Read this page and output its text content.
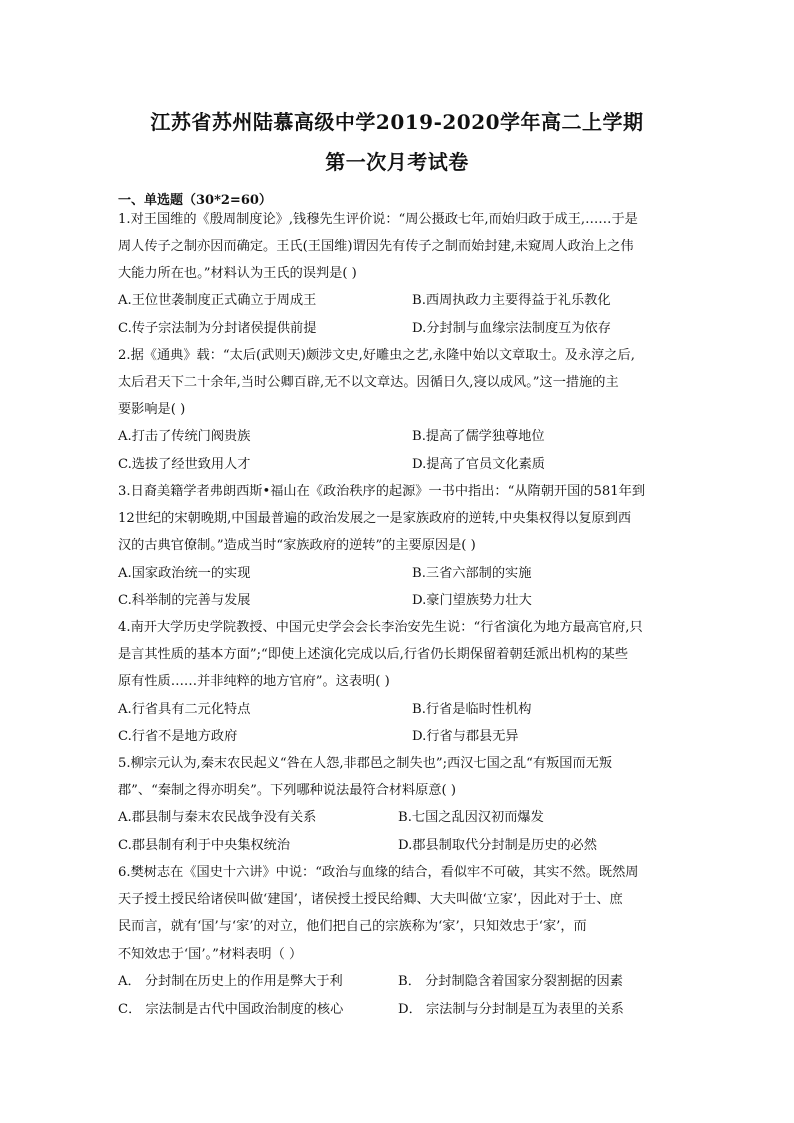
江苏省苏州陆慕高级中学2019-2020学年高二上学期
第一次月考试卷
一、单选题（30*2=60）
1.对王国维的《殷周制度论》,钱穆先生评价说：“周公摄政七年,而始归政于成王,……于是
周人传子之制亦因而确定。王氏(王国维)谓因先有传子之制而始封建,未窥周人政治上之伟
大能力所在也。”材料认为王氏的误判是( )
A.王位世袭制度正式确立于周成王	B.西周执政力主要得益于礼乐教化
C.传子宗法制为分封诸侯提供前提	D.分封制与血缘宗法制度互为依存
2.据《通典》载：“太后(武则天)颇涉文史,好雕虫之艺,永隆中始以文章取士。及永淳之后,
太后君天下二十余年,当时公卿百辟,无不以文章达。因循日久,寖以成风。”这一措施的主
要影响是( )
A.打击了传统门阀贵族	B.提高了儒学独尊地位
C.选拔了经世致用人才	D.提高了官员文化素质
3.日裔美籍学者弗朗西斯•福山在《政治秩序的起源》一书中指出：“从隋朝开国的581年到
12世纪的宋朝晚期,中国最普遍的政治发展之一是家族政府的逆转,中央集权得以复原到西
汉的古典官僚制。”造成当时“家族政府的逆转”的主要原因是( )
A.国家政治统一的实现	B.三省六部制的实施
C.科举制的完善与发展	D.豪门望族势力壮大
4.南开大学历史学院教授、中国元史学会会长李治安先生说：“行省演化为地方最高官府,只
是言其性质的基本方面”;“即使上述演化完成以后,行省仍长期保留着朝廷派出机构的某些
原有性质……并非纯粹的地方官府”。这表明( )
A.行省具有二元化特点	B.行省是临时性机构
C.行省不是地方政府	D.行省与郡县无异
5.柳宗元认为,秦末农民起义“咎在人怨,非郡邑之制失也”;西汉七国之乱“有叛国而无叛
郡”、“秦制之得亦明矣”。下列哪种说法最符合材料原意( )
A.郡县制与秦末农民战争没有关系	B.七国之乱因汉初而爆发
C.郡县制有利于中央集权统治	D.郡县制取代分封制是历史的必然
6.樊树志在《国史十六讲》中说：“政治与血缘的结合，看似牢不可破，其实不然。既然周
天子授土授民给诸侯叫做‘建国’，诸侯授土授民给卿、大夫叫做‘立家’，因此对于士、庶
民而言，就有‘国’与‘家’的对立，他们把自己的宗族称为‘家’，只知效忠于‘家’，而
不知效忠于‘国’。”材料表明（ ）
A． 分封制在历史上的作用是弊大于利	B． 分封制隐含着国家分裂割据的因素
C． 宗法制是古代中国政治制度的核心	D． 宗法制与分封制是互为表里的关系
